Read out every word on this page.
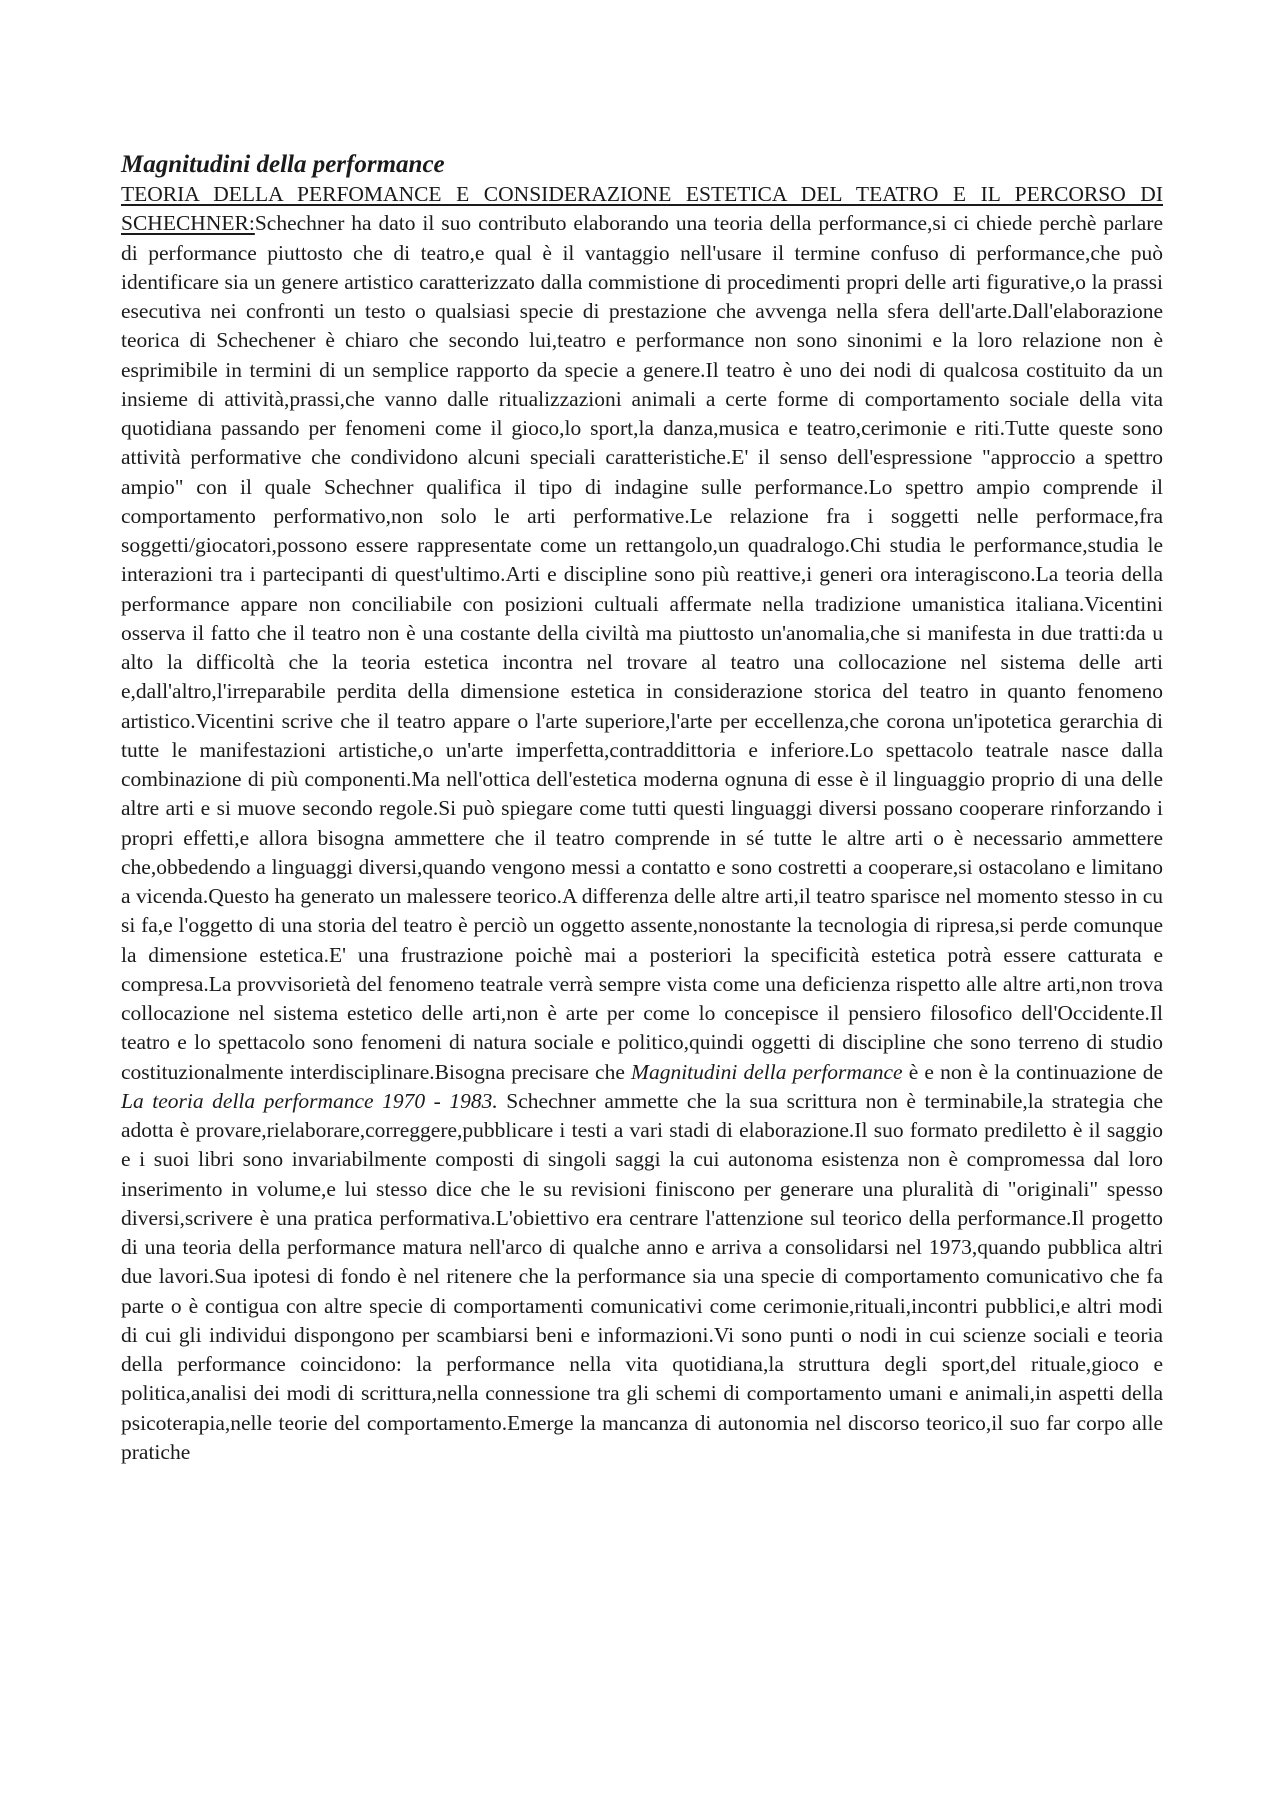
Magnitudini della performance

TEORIA DELLA PERFOMANCE E CONSIDERAZIONE ESTETICA DEL TEATRO E IL PERCORSO DI SCHECHNER:Schechner ha dato il suo contributo elaborando una teoria della performance,si ci chiede perchè parlare di performance piuttosto che di teatro,e qual è il vantaggio nell'usare il termine confuso di performance,che può identificare sia un genere artistico caratterizzato dalla commistione di procedimenti propri delle arti figurative,o la prassi esecutiva nei confronti un testo o qualsiasi specie di prestazione che avvenga nella sfera dell'arte.Dall'elaborazione teorica di Schechener è chiaro che secondo lui,teatro e performance non sono sinonimi e la loro relazione non è esprimibile in termini di un semplice rapporto da specie a genere.Il teatro è uno dei nodi di qualcosa costituito da un insieme di attività,prassi,che vanno dalle ritualizzazioni animali a certe forme di comportamento sociale della vita quotidiana passando per fenomeni come il gioco,lo sport,la danza,musica e teatro,cerimonie e riti.Tutte queste sono attività performative che condividono alcuni speciali caratteristiche.E' il senso dell'espressione "approccio a spettro ampio" con il quale Schechner qualifica il tipo di indagine sulle performance.Lo spettro ampio comprende il comportamento performativo,non solo le arti performative.Le relazione fra i soggetti nelle performace,fra soggetti/giocatori,possono essere rappresentate come un rettangolo,un quadralogo.Chi studia le performance,studia le interazioni tra i partecipanti di quest'ultimo.Arti e discipline sono più reattive,i generi ora interagiscono.La teoria della performance appare non conciliabile con posizioni cultuali affermate nella tradizione umanistica italiana.Vicentini osserva il fatto che il teatro non è una costante della civiltà ma piuttosto un'anomalia,che si manifesta in due tratti:da u alto la difficoltà che la teoria estetica incontra nel trovare al teatro una collocazione nel sistema delle arti e,dall'altro,l'irreparabile perdita della dimensione estetica in considerazione storica del teatro in quanto fenomeno artistico.Vicentini scrive che il teatro appare o l'arte superiore,l'arte per eccellenza,che corona un'ipotetica gerarchia di tutte le manifestazioni artistiche,o un'arte imperfetta,contraddittoria e inferiore.Lo spettacolo teatrale nasce dalla combinazione di più componenti.Ma nell'ottica dell'estetica moderna ognuna di esse è il linguaggio proprio di una delle altre arti e si muove secondo regole.Si può spiegare come tutti questi linguaggi diversi possano cooperare rinforzando i propri effetti,e allora bisogna ammettere che il teatro comprende in sé tutte le altre arti o è necessario ammettere che,obbedendo a linguaggi diversi,quando vengono messi a contatto e sono costretti a cooperare,si ostacolano e limitano a vicenda.Questo ha generato un malessere teorico.A differenza delle altre arti,il teatro sparisce nel momento stesso in cu si fa,e l'oggetto di una storia del teatro è perciò un oggetto assente,nonostante la tecnologia di ripresa,si perde comunque la dimensione estetica.E' una frustrazione poichè mai a posteriori la specificità estetica potrà essere catturata e compresa.La provvisorietà del fenomeno teatrale verrà sempre vista come una deficienza rispetto alle altre arti,non trova collocazione nel sistema estetico delle arti,non è arte per come lo concepisce il pensiero filosofico dell'Occidente.Il teatro e lo spettacolo sono fenomeni di natura sociale e politico,quindi oggetti di discipline che sono terreno di studio costituzionalmente interdisciplinare.Bisogna precisare che Magnitudini della performance è e non è la continuazione de La teoria della performance 1970 - 1983. Schechner ammette che la sua scrittura non è terminabile,la strategia che adotta è provare,rielaborare,correggere,pubblicare i testi a vari stadi di elaborazione.Il suo formato prediletto è il saggio e i suoi libri sono invariabilmente composti di singoli saggi la cui autonoma esistenza non è compromessa dal loro inserimento in volume,e lui stesso dice che le su revisioni finiscono per generare una pluralità di "originali" spesso diversi,scrivere è una pratica performativa.L'obiettivo era centrare l'attenzione sul teorico della performance.Il progetto di una teoria della performance matura nell'arco di qualche anno e arriva a consolidarsi nel 1973,quando pubblica altri due lavori.Sua ipotesi di fondo è nel ritenere che la performance sia una specie di comportamento comunicativo che fa parte o è contigua con altre specie di comportamenti comunicativi come cerimonie,rituali,incontri pubblici,e altri modi di cui gli individui dispongono per scambiarsi beni e informazioni.Vi sono punti o nodi in cui scienze sociali e teoria della performance coincidono: la performance nella vita quotidiana,la struttura degli sport,del rituale,gioco e politica,analisi dei modi di scrittura,nella connessione tra gli schemi di comportamento umani e animali,in aspetti della psicoterapia,nelle teorie del comportamento.Emerge la mancanza di autonomia nel discorso teorico,il suo far corpo alle pratiche
